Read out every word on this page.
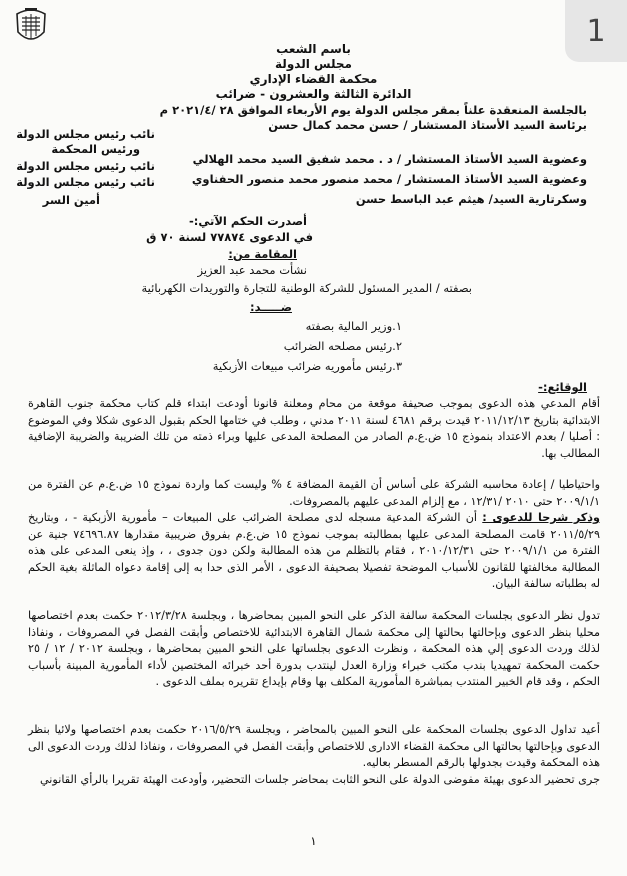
1
باسم الشعب
مجلس الدولة
محكمة القضاء الإداري
الدائرة الثالثة والعشرون - ضرائب
بالجلسة المنعقدة علناً بمقر مجلس الدولة يوم الأربعاء الموافق ٢٨ /٢٠٢١/٤ م
برئاسة السيد الأستاذ المستشار / حسن محمد كمال حسن
نائب رئيس مجلس الدولة
ورئيس المحكمة
وعضوية السيد الأستاذ المستشار / د . محمد شفيق السيد محمد الهلالي
نائب رئيس مجلس الدولة
وعضوية السيد الأستاذ المستشار / محمد منصور محمد منصور الحفناوي
نائب رئيس مجلس الدولة
وسكرتارية السيد/ هيثم عبد الباسط حسن
أمين السر
أصدرت الحكم الآتي:-
في الدعوى ٧٧٨٧٤ لسنة ٧٠ ق
المقامة من:
نشأت محمد عبد العزيز
بصفته / المدير المسئول للشركة الوطنية للتجارة والتوريدات الكهربائية
ضـــــد:
١.وزير المالية بصفته
٢.رئيس مصلحه الضرائب
٣.رئيس مأموريه ضرائب مبيعات الأزبكية
الوقائع:-
أقام المدعي هذه الدعوى بموجب صحيفة موقعة من محام ومعلنة قانونا أودعت ابتداء قلم كتاب محكمة جنوب القاهرة الابتدائية بتاريخ ٢٠١١/١٢/١٣ قيدت برقم ٤٦٨١ لسنة ٢٠١١ مدني ، وطلب في ختامها الحكم بقبول الدعوى شكلا وفي الموضوع : أصليا / بعدم الاعتداد بنموذج ١٥ ض.ع.م الصادر من المصلحة المدعى عليها وبراء ذمته من تلك الضريبة والضريبة الإضافية المطالب بها.
واحتياطيا / إعادة محاسبه الشركة على أساس أن القيمة المضافة ٤ % وليست كما واردة نموذج ١٥ ض.ع.م عن الفترة من ٢٠٠٩/١/١ حتى ٢٠١٠ /١٢/٣١ ، مع إلزام المدعى عليهم بالمصروفات.
وذكر شرحا للدعوى : أن الشركة المدعية مسجله لدى مصلحة الضرائب على المبيعات – مأمورية الأزبكية - ، وبتاريخ ٢٠١١/٥/٢٩ قامت المصلحة المدعى عليها بمطالبته بموجب نموذج ١٥ ض.ع.م بفروق ضريبية مقدارها ٧٤٦٩٦.٨٧ جنية عن الفترة من ٢٠٠٩/١/١ حتى ٢٠١٠/١٢/٣١ ، فقام بالتظلم من هذه المطالبة ولكن دون جدوى ، ، وإذ ينعى المدعى على هذه المطالبة مخالفتها للقانون للأسباب الموضحة تفصيلا بصحيفة الدعوى ، الأمر الذى حدا به إلى إقامة دعواه الماثلة بغية الحكم له بطلباته سالفة البيان.
تدول نظر الدعوى بجلسات المحكمة سالفة الذكر على النحو المبين بمحاضرها ، وبجلسة ٢٠١٢/٣/٢٨ حكمت بعدم اختصاصها محليا بنظر الدعوى وبإحالتها بحالتها إلى محكمة شمال القاهرة الابتدائية للاختصاص وأبقت الفصل في المصروفات ، ونفاذا لذلك وردت الدعوى إلي هذه المحكمة ، ونظرت الدعوى بجلساتها على النحو المبين بمحاضرها ، وبجلسة ٢٠١٢ / ١٢ / ٢٥ حكمت المحكمة تمهيديا بندب مكتب خبراء وزارة العدل لينتدب بدورة أحد خبرائه المختصين لأداء المأمورية المبينة بأسباب الحكم ، وقد قام الخبير المنتدب بمباشرة المأمورية المكلف بها وقام بإيداع تقريره بملف الدعوى .
أعيد تداول الدعوى بجلسات المحكمة على النحو المبين بالمحاضر ، وبجلسة ٢٠١٦/٥/٢٩ حكمت بعدم اختصاصها ولائيا بنظر الدعوى وبإحالتها بحالتها الى محكمة القضاء الادارى للاختصاص وأبقت الفصل في المصروفات ، ونفاذا لذلك وردت الدعوى الى هذه المحكمة وقيدت بجدولها بالرقم المسطر بعاليه.
جرى تحضير الدعوى بهيئة مفوضى الدولة على النحو الثابت بمحاضر جلسات التحضير، وأودعت الهيئة تقريرا بالرأي القانوني
١
